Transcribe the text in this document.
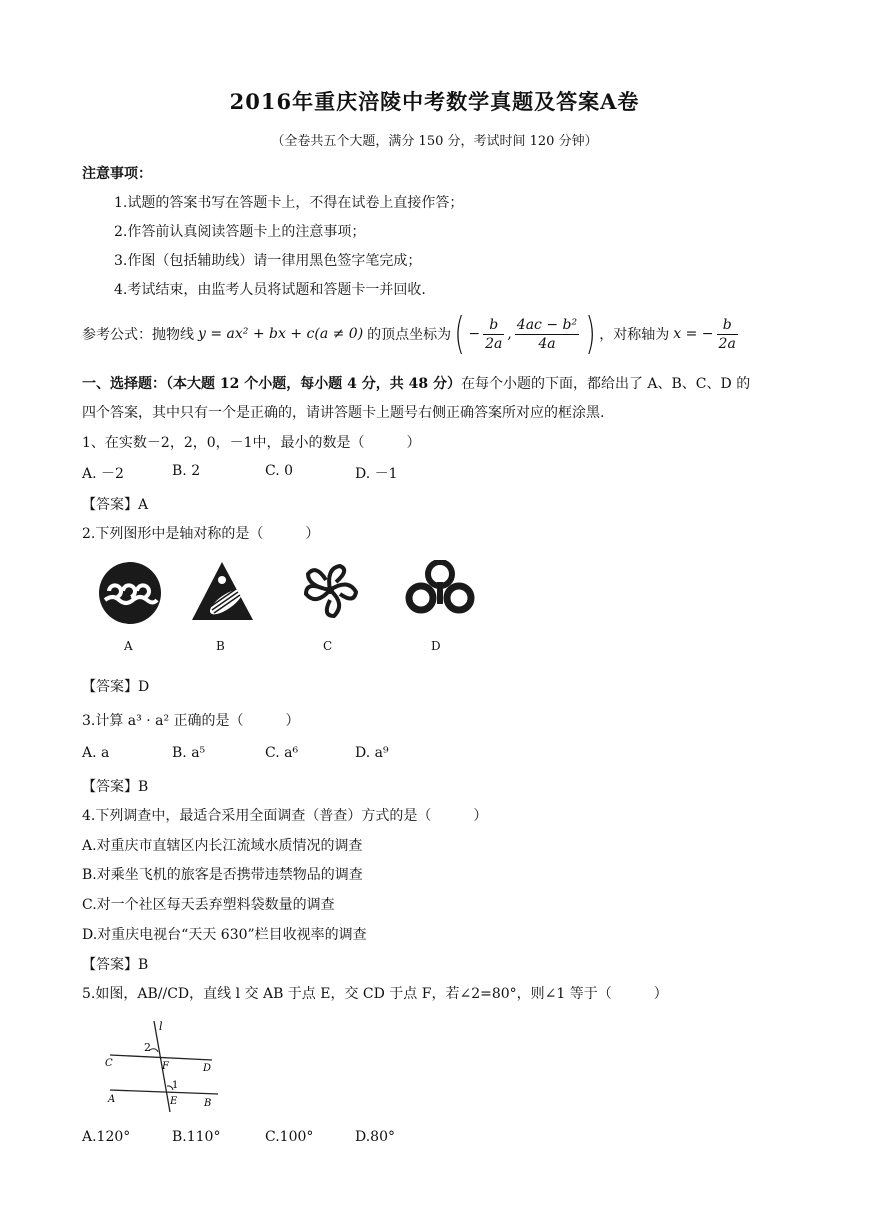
2016年重庆涪陵中考数学真题及答案A卷
（全卷共五个大题，满分 150 分，考试时间 120 分钟）
注意事项：
1.试题的答案书写在答题卡上，不得在试卷上直接作答；
2.作答前认真阅读答题卡上的注意事项；
3.作图（包括辅助线）请一律用黑色签字笔完成；
4.考试结束，由监考人员将试题和答题卡一并回收.
参考公式：抛物线 y = ax² + bx + c(a ≠ 0) 的顶点坐标为 ( − $\frac{b}{2a}$ , $\frac{\text{4ac − b²}}{4a}$ ) ，对称轴为 x = − $\frac{b}{2a}$
一、选择题：（本大题 12 个小题，每小题 4 分，共 48 分）在每个小题的下面，都给出了 A、B、C、D 的
四个答案，其中只有一个是正确的，请讲答题卡上题号右侧正确答案所对应的框涂黑.
1、在实数－2，2，0，－1中，最小的数是（　　　）
A. －2	B. 2	C. 0	D. －1
【答案】A
2.下列图形中是轴对称的是（　　　）
A	B	C	D
【答案】D
3.计算 a³ · a² 正确的是（　　　）
A. a	B. a⁵	C. a⁶	D. a⁹
【答案】B
4.下列调查中，最适合采用全面调查（普查）方式的是（　　　）
A.对重庆市直辖区内长江流域水质情况的调查
B.对乘坐飞机的旅客是否携带违禁物品的调查
C.对一个社区每天丢弃塑料袋数量的调查
D.对重庆电视台“天天 630”栏目收视率的调查
【答案】B
5.如图，AB//CD，直线 l 交 AB 于点 E，交 CD 于点 F，若∠2=80°，则∠1 等于（　　　）
l
2
C	F	D
1
A	E	B
A.120°	B.110°	C.100°	D.80°
